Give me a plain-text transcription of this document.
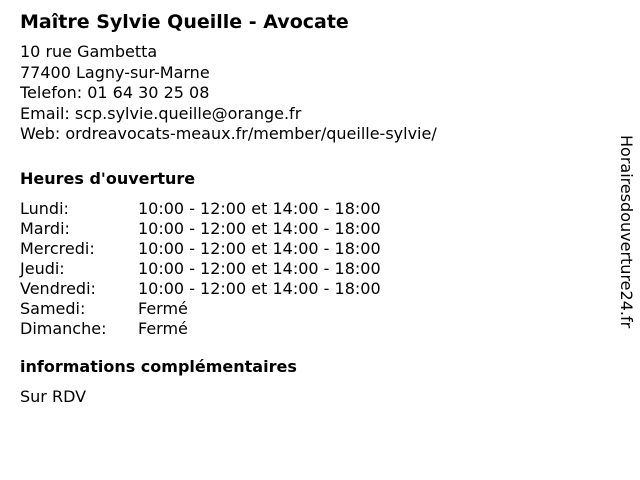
Maître Sylvie Queille - Avocate
10 rue Gambetta
77400 Lagny-sur-Marne
Telefon: 01 64 30 25 08
Email: scp.sylvie.queille@orange.fr
Web: ordreavocats-meaux.fr/member/queille-sylvie/
Heures d'ouverture
Lundi:	10:00 - 12:00 et 14:00 - 18:00
Mardi:	10:00 - 12:00 et 14:00 - 18:00
Mercredi:	10:00 - 12:00 et 14:00 - 18:00
Jeudi:	10:00 - 12:00 et 14:00 - 18:00
Vendredi:	10:00 - 12:00 et 14:00 - 18:00
Samedi:	Fermé
Dimanche:	Fermé
informations complémentaires
Sur RDV
Horairesdouverture24.fr
